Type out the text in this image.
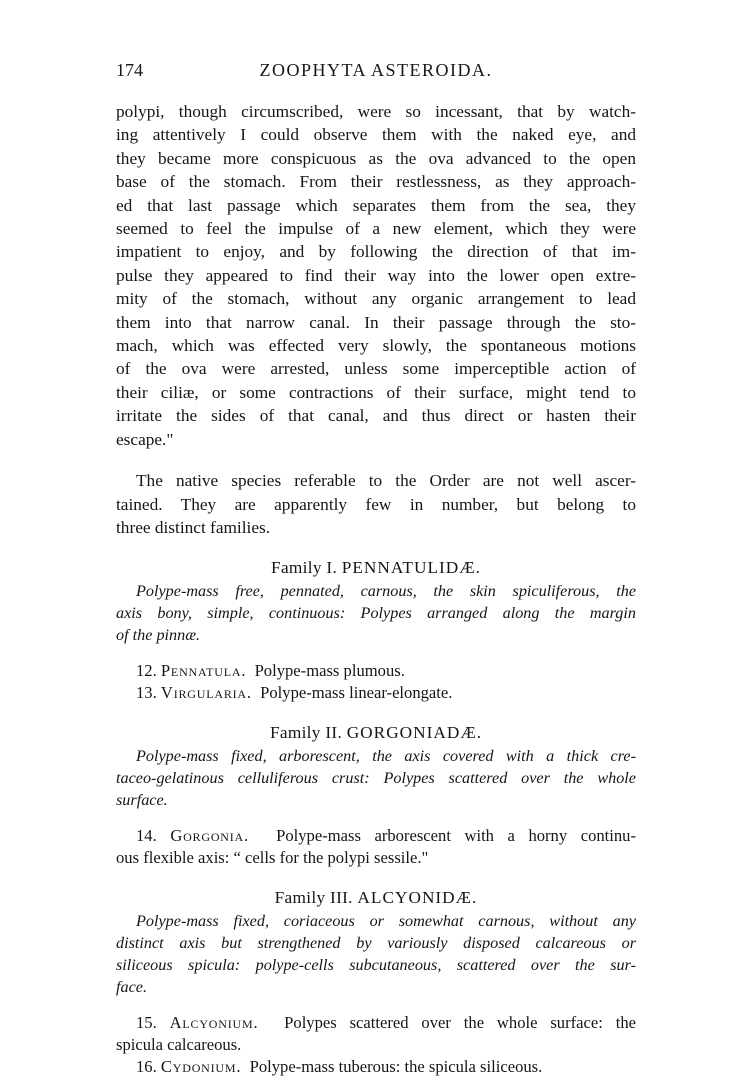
174	ZOOPHYTA ASTEROIDA.

polypi, though circumscribed, were so incessant, that by watch-
ing attentively I could observe them with the naked eye, and
they became more conspicuous as the ova advanced to the open
base of the stomach. From their restlessness, as they approach-
ed that last passage which separates them from the sea, they
seemed to feel the impulse of a new element, which they were
impatient to enjoy, and by following the direction of that im-
pulse they appeared to find their way into the lower open extre-
mity of the stomach, without any organic arrangement to lead
them into that narrow canal. In their passage through the sto-
mach, which was effected very slowly, the spontaneous motions
of the ova were arrested, unless some imperceptible action of
their ciliæ, or some contractions of their surface, might tend to
irritate the sides of that canal, and thus direct or hasten their
escape."

The native species referable to the Order are not well ascer-
tained. They are apparently few in number, but belong to
three distinct families.

Family I. PENNATULIDÆ.
Polype-mass free, pennated, carnous, the skin spiculiferous, the
axis bony, simple, continuous: Polypes arranged along the margin
of the pinnæ.
12. Pennatula. Polype-mass plumous.
13. Virgularia. Polype-mass linear-elongate.
Family II. GORGONIADÆ.
Polype-mass fixed, arborescent, the axis covered with a thick cre-
taceo-gelatinous celluliferous crust: Polypes scattered over the whole
surface.
14. Gorgonia. Polype-mass arborescent with a horny continu-
ous flexible axis: “ cells for the polypi sessile."
Family III. ALCYONIDÆ.
Polype-mass fixed, coriaceous or somewhat carnous, without any
distinct axis but strengthened by variously disposed calcareous or
siliceous spicula: polype-cells subcutaneous, scattered over the sur-
face.
15. Alcyonium. Polypes scattered over the whole surface: the
spicula calcareous.
16. Cydonium. Polype-mass tuberous: the spicula siliceous.
